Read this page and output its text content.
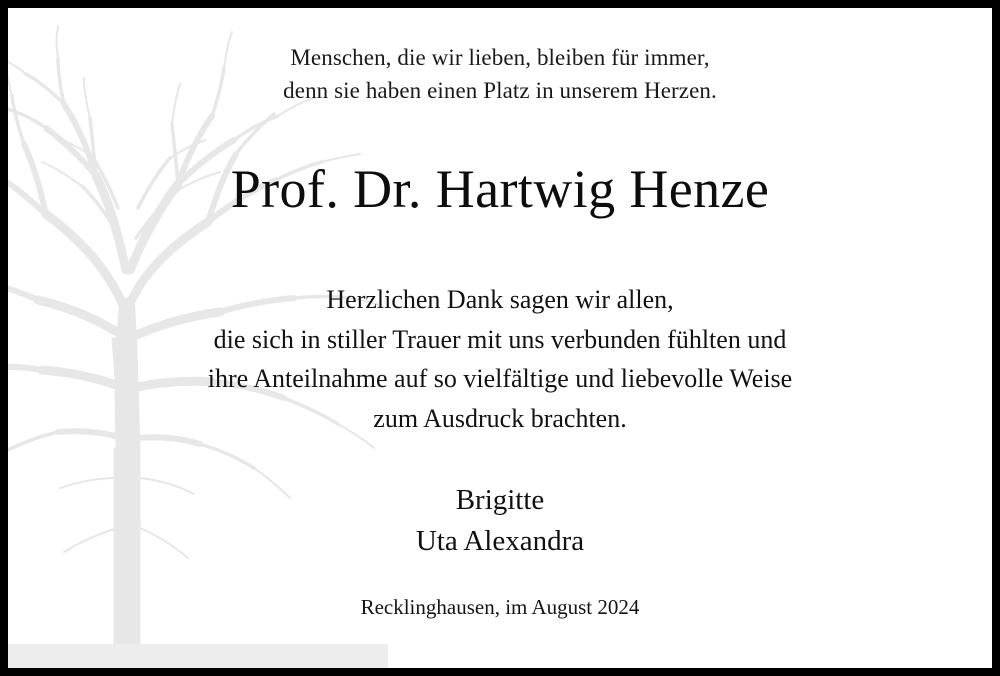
Menschen, die wir lieben, bleiben für immer,
denn sie haben einen Platz in unserem Herzen.
Prof. Dr. Hartwig Henze
Herzlichen Dank sagen wir allen,
die sich in stiller Trauer mit uns verbunden fühlten und
ihre Anteilnahme auf so vielfältige und liebevolle Weise
zum Ausdruck brachten.
Brigitte
Uta Alexandra
Recklinghausen, im August 2024
